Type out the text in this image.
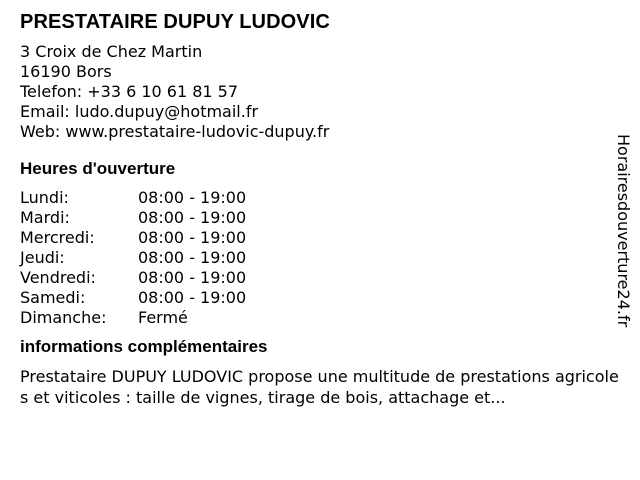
PRESTATAIRE DUPUY LUDOVIC
3 Croix de Chez Martin
16190 Bors
Telefon: +33 6 10 61 81 57
Email: ludo.dupuy@hotmail.fr
Web: www.prestataire-ludovic-dupuy.fr
Heures d'ouverture
Lundi:	08:00 - 19:00
Mardi:	08:00 - 19:00
Mercredi:	08:00 - 19:00
Jeudi:	08:00 - 19:00
Vendredi:	08:00 - 19:00
Samedi:	08:00 - 19:00
Dimanche:	Fermé
informations complémentaires
Prestataire DUPUY LUDOVIC propose une multitude de prestations agricoles et viticoles : taille de vignes, tirage de bois, attachage et...
Horairesdouverture24.fr
